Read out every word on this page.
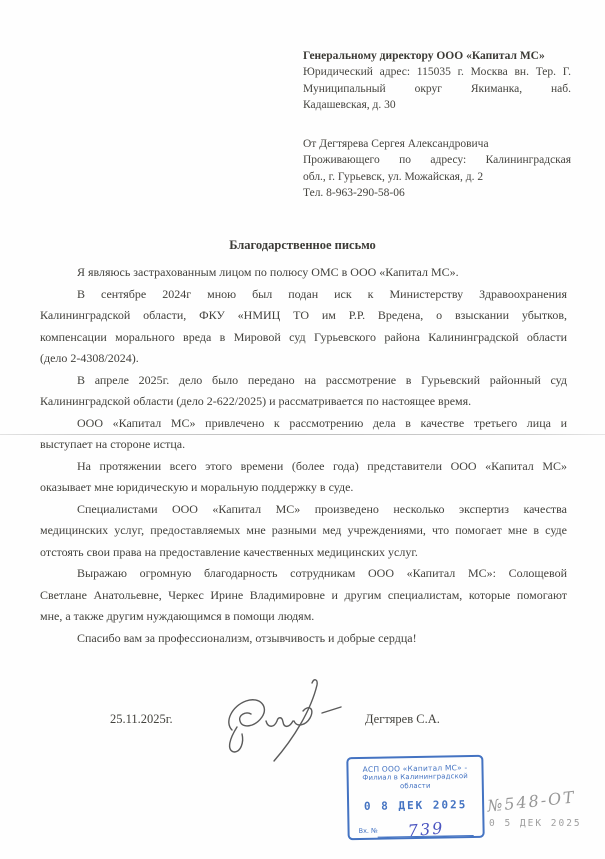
Генеральному директору ООО «Капитал МС»
Юридический адрес: 115035 г. Москва вн. Тер. Г.
Муниципальный округ Якиманка, наб.
Кадашевская, д. 30
От Дегтярева Сергея Александровича
Проживающего по адресу: Калининградская
обл., г. Гурьевск, ул. Можайская, д. 2
Тел. 8-963-290-58-06
Благодарственное письмо
Я являюсь застрахованным лицом по полюсу ОМС в ООО «Капитал МС».
В сентябре 2024г мною был подан иск к Министерству Здравоохранения
Калининградской области, ФКУ «НМИЦ ТО им Р.Р. Вредена, о взыскании убытков,
компенсации морального вреда в Мировой суд Гурьевского района Калининградской области
(дело 2-4308/2024).
В апреле 2025г. дело было передано на рассмотрение в Гурьевский районный суд
Калининградской области (дело 2-622/2025) и рассматривается по настоящее время.
ООО «Капитал МС» привлечено к рассмотрению дела в качестве третьего лица и
выступает на стороне истца.
На протяжении всего этого времени (более года) представители ООО «Капитал МС»
оказывает мне юридическую и моральную поддержку в суде.
Специалистами ООО «Капитал МС» произведено несколько экспертиз качества
медицинских услуг, предоставляемых мне разными мед учреждениями, что помогает мне в суде
отстоять свои права на предоставление качественных медицинских услуг.
Выражаю огромную благодарность сотрудникам ООО «Капитал МС»: Солощевой
Светлане Анатольевне, Черкес Ирине Владимировне и другим специалистам, которые помогают
мне, а также другим нуждающимся в помощи людям.
Спасибо вам за профессионализм, отзывчивость и добрые сердца!
25.11.2025г.	Дегтярев С.А.
АСП ООО «Капитал МС» -
Филиал в Калининградской области
0 8 ДЕК 2025
Вх. №	739
№548-ОТ
0 5 ДЕК 2025
